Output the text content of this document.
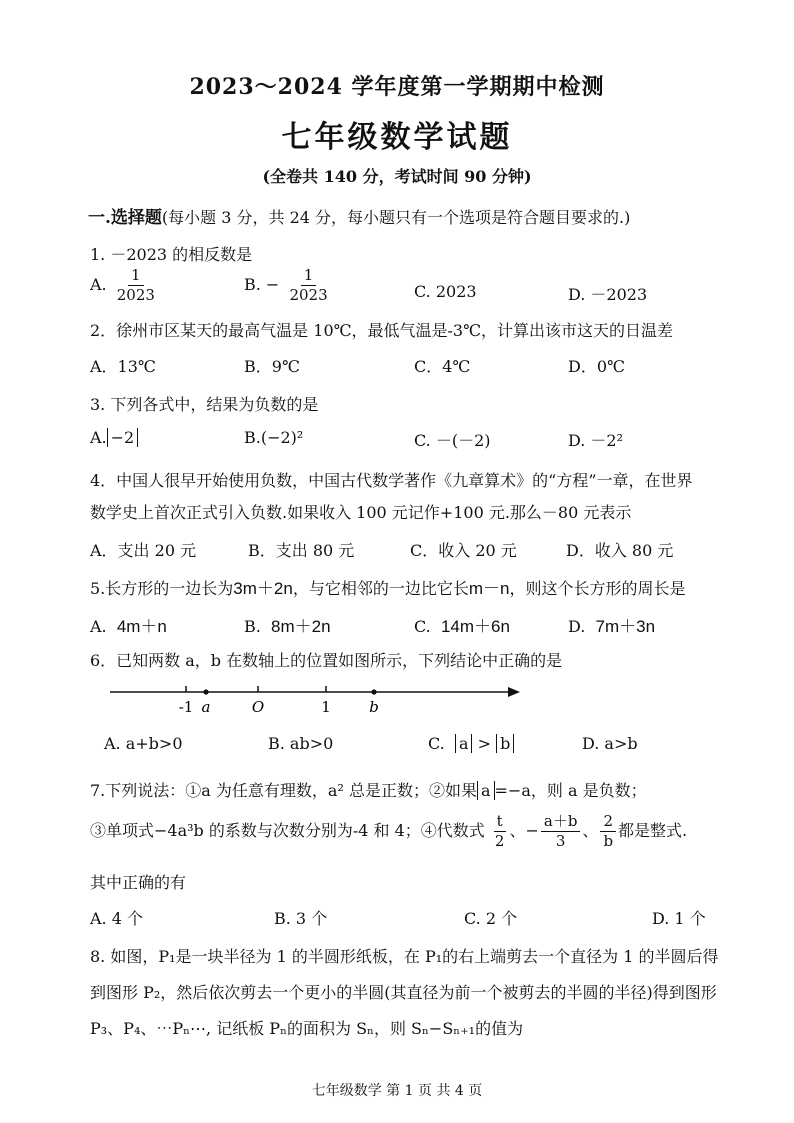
2023～2024 学年度第一学期期中检测
七年级数学试题
(全卷共 140 分，考试时间 90 分钟)
一.选择题(每小题 3 分，共 24 分，每小题只有一个选项是符合题目要求的.)
1. －2023 的相反数是
A. $\frac{1}{2023}$	B. − $\frac{1}{2023}$	C. 2023	D. －2023
2．徐州市区某天的最高气温是 10℃，最低气温是-3℃，计算出该市这天的日温差
A．13℃	B．9℃	C．4℃	D．0℃
3. 下列各式中，结果为负数的是
A. −2	B.(−2)²	C. －(－2)	D. －2²
4．中国人很早开始使用负数，中国古代数学著作《九章算术》的“方程”一章，在世界
数学史上首次正式引入负数.如果收入 100 元记作+100 元.那么－80 元表示
A．支出 20 元	B．支出 80 元	C．收入 20 元	D．收入 80 元
5.长方形的一边长为3m＋2n，与它相邻的一边比它长m－n，则这个长方形的周长是
A. 4m＋n	B. 8m＋2n	C. 14m＋6n	D. 7m＋3n
6．已知两数 a，b 在数轴上的位置如图所示，下列结论中正确的是
-1 a	O	1	b
A. a+b>0	B. ab>0	C. a > b	D. a>b
7.下列说法：①a 为任意有理数，a² 总是正数；②如果 a =−a，则 a 是负数；
③单项式−4a³b 的系数与次数分别为-4 和 4；④代数式 $\frac{t}{2}$ 、− $\frac{a+b}{3}$ 、 $\frac{2}{b}$ 都是整式.
其中正确的有
A. 4 个	B. 3 个	C. 2 个	D. 1 个
8. 如图，P₁是一块半径为 1 的半圆形纸板，在 P₁的右上端剪去一个直径为 1 的半圆后得
到图形 P₂，然后依次剪去一个更小的半圆(其直径为前一个被剪去的半圆的半径)得到图形
P₃、P₄、⋯Pₙ⋯, 记纸板 Pₙ的面积为 Sₙ，则 Sₙ−Sₙ₊₁的值为
七年级数学 第 1 页 共 4 页
